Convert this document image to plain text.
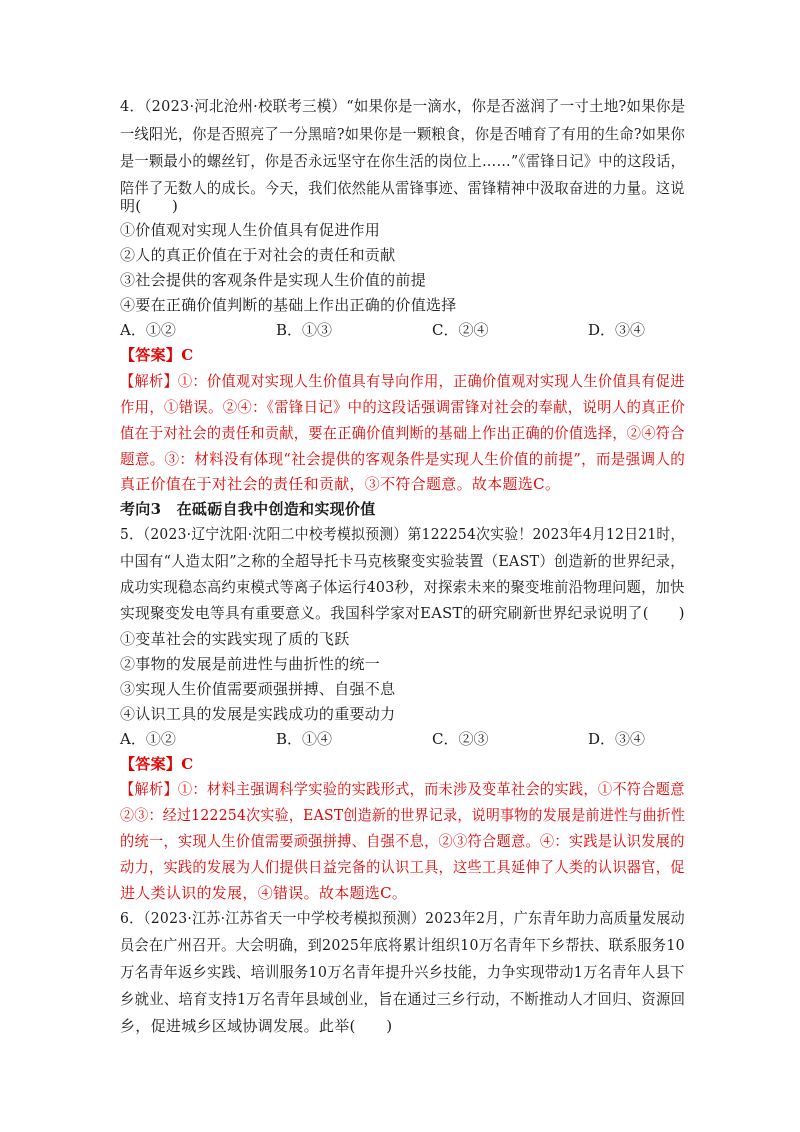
4．（2023·河北沧州·校联考三模）“如果你是一滴水，你是否滋润了一寸土地?如果你是
一线阳光，你是否照亮了一分黑暗?如果你是一颗粮食，你是否哺育了有用的生命?如果你
是一颗最小的螺丝钉，你是否永远坚守在你生活的岗位上……”《雷锋日记》中的这段话，
陪伴了无数人的成长。今天，我们依然能从雷锋事迹、雷锋精神中汲取奋进的力量。这说
明(　　)
①价值观对实现人生价值具有促进作用
②人的真正价值在于对社会的责任和贡献
③社会提供的客观条件是实现人生价值的前提
④要在正确价值判断的基础上作出正确的价值选择
A．①②	B．①③	C．②④	D．③④
【答案】C
【解析】①：价值观对实现人生价值具有导向作用，正确价值观对实现人生价值具有促进
作用，①错误。②④：《雷锋日记》中的这段话强调雷锋对社会的奉献，说明人的真正价
值在于对社会的责任和贡献，要在正确价值判断的基础上作出正确的价值选择，②④符合
题意。③：材料没有体现“社会提供的客观条件是实现人生价值的前提”，而是强调人的
真正价值在于对社会的责任和贡献，③不符合题意。故本题选C。
考向3　在砥砺自我中创造和实现价值
5．（2023·辽宁沈阳·沈阳二中校考模拟预测）第122254次实验！2023年4月12日21时，
中国有“人造太阳”之称的全超导托卡马克核聚变实验装置（EAST）创造新的世界纪录，
成功实现稳态高约束模式等离子体运行403秒，对探索未来的聚变堆前沿物理问题，加快
实现聚变发电等具有重要意义。我国科学家对EAST的研究刷新世界纪录说明了(　　)
①变革社会的实践实现了质的飞跃
②事物的发展是前进性与曲折性的统一
③实现人生价值需要顽强拼搏、自强不息
④认识工具的发展是实践成功的重要动力
A．①②	B．①④	C．②③	D．③④
【答案】C
【解析】①：材料主强调科学实验的实践形式，而未涉及变革社会的实践，①不符合题意
②③：经过122254次实验，EAST创造新的世界记录，说明事物的发展是前进性与曲折性
的统一，实现人生价值需要顽强拼搏、自强不息，②③符合题意。④：实践是认识发展的
动力，实践的发展为人们提供日益完备的认识工具，这些工具延伸了人类的认识器官，促
进人类认识的发展，④错误。故本题选C。
6．（2023·江苏·江苏省天一中学校考模拟预测）2023年2月，广东青年助力高质量发展动
员会在广州召开。大会明确，到2025年底将累计组织10万名青年下乡帮扶、联系服务10
万名青年返乡实践、培训服务10万名青年提升兴乡技能，力争实现带动1万名青年人县下
乡就业、培育支持1万名青年县域创业，旨在通过三乡行动，不断推动人才回归、资源回
乡，促进城乡区域协调发展。此举(　　)
